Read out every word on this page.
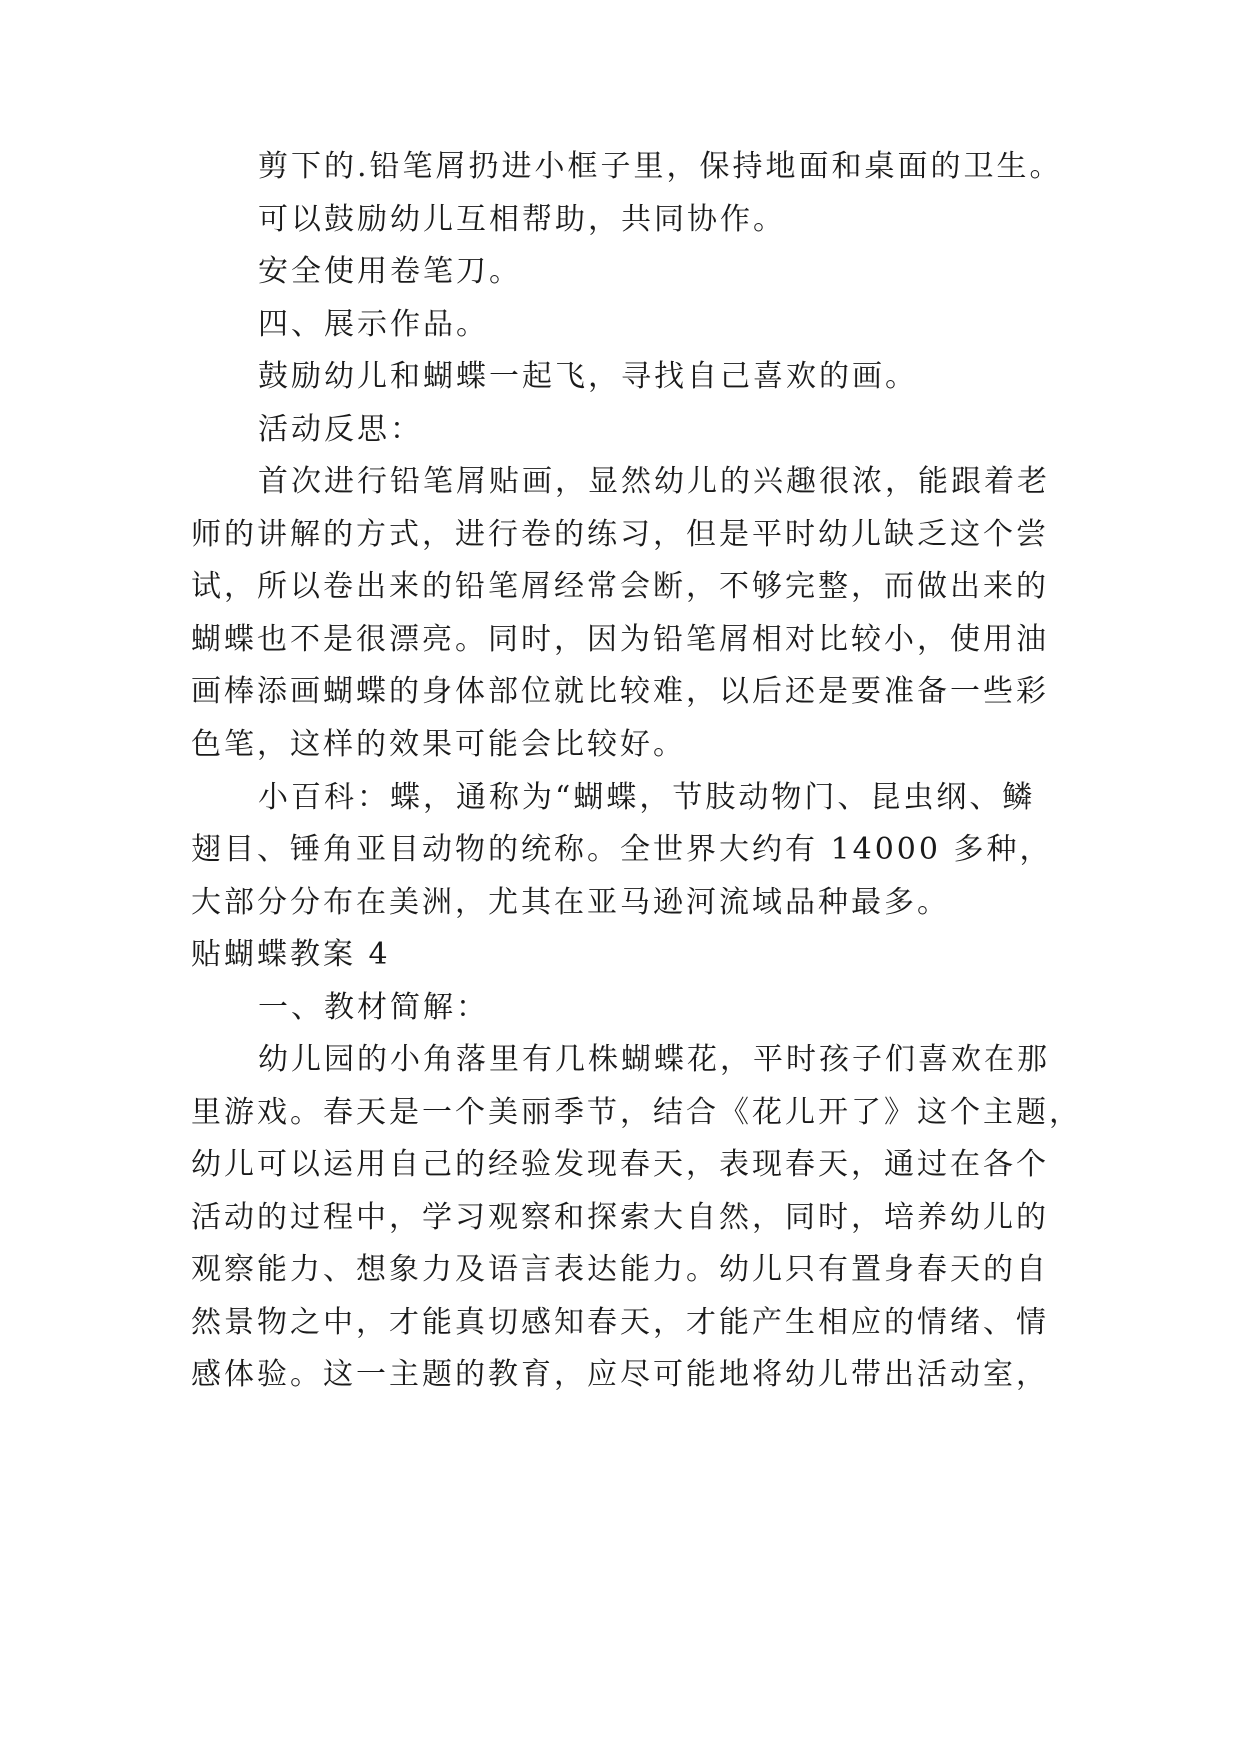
剪下的.铅笔屑扔进小框子里，保持地面和桌面的卫生。

可以鼓励幼儿互相帮助，共同协作。

安全使用卷笔刀。

四、展示作品。

鼓励幼儿和蝴蝶一起飞，寻找自己喜欢的画。

活动反思：

首次进行铅笔屑贴画，显然幼儿的兴趣很浓，能跟着老

师的讲解的方式，进行卷的练习，但是平时幼儿缺乏这个尝

试，所以卷出来的铅笔屑经常会断，不够完整，而做出来的

蝴蝶也不是很漂亮。同时，因为铅笔屑相对比较小，使用油

画棒添画蝴蝶的身体部位就比较难，以后还是要准备一些彩

色笔，这样的效果可能会比较好。

小百科：蝶，通称为“蝴蝶，节肢动物门、昆虫纲、鳞

翅目、锤角亚目动物的统称。全世界大约有 14000 多种，

大部分分布在美洲，尤其在亚马逊河流域品种最多。

贴蝴蝶教案 4

一、教材简解：

幼儿园的小角落里有几株蝴蝶花，平时孩子们喜欢在那

里游戏。春天是一个美丽季节，结合《花儿开了》这个主题，

幼儿可以运用自己的经验发现春天，表现春天，通过在各个

活动的过程中，学习观察和探索大自然，同时，培养幼儿的

观察能力、想象力及语言表达能力。幼儿只有置身春天的自

然景物之中，才能真切感知春天，才能产生相应的情绪、情

感体验。这一主题的教育，应尽可能地将幼儿带出活动室，
